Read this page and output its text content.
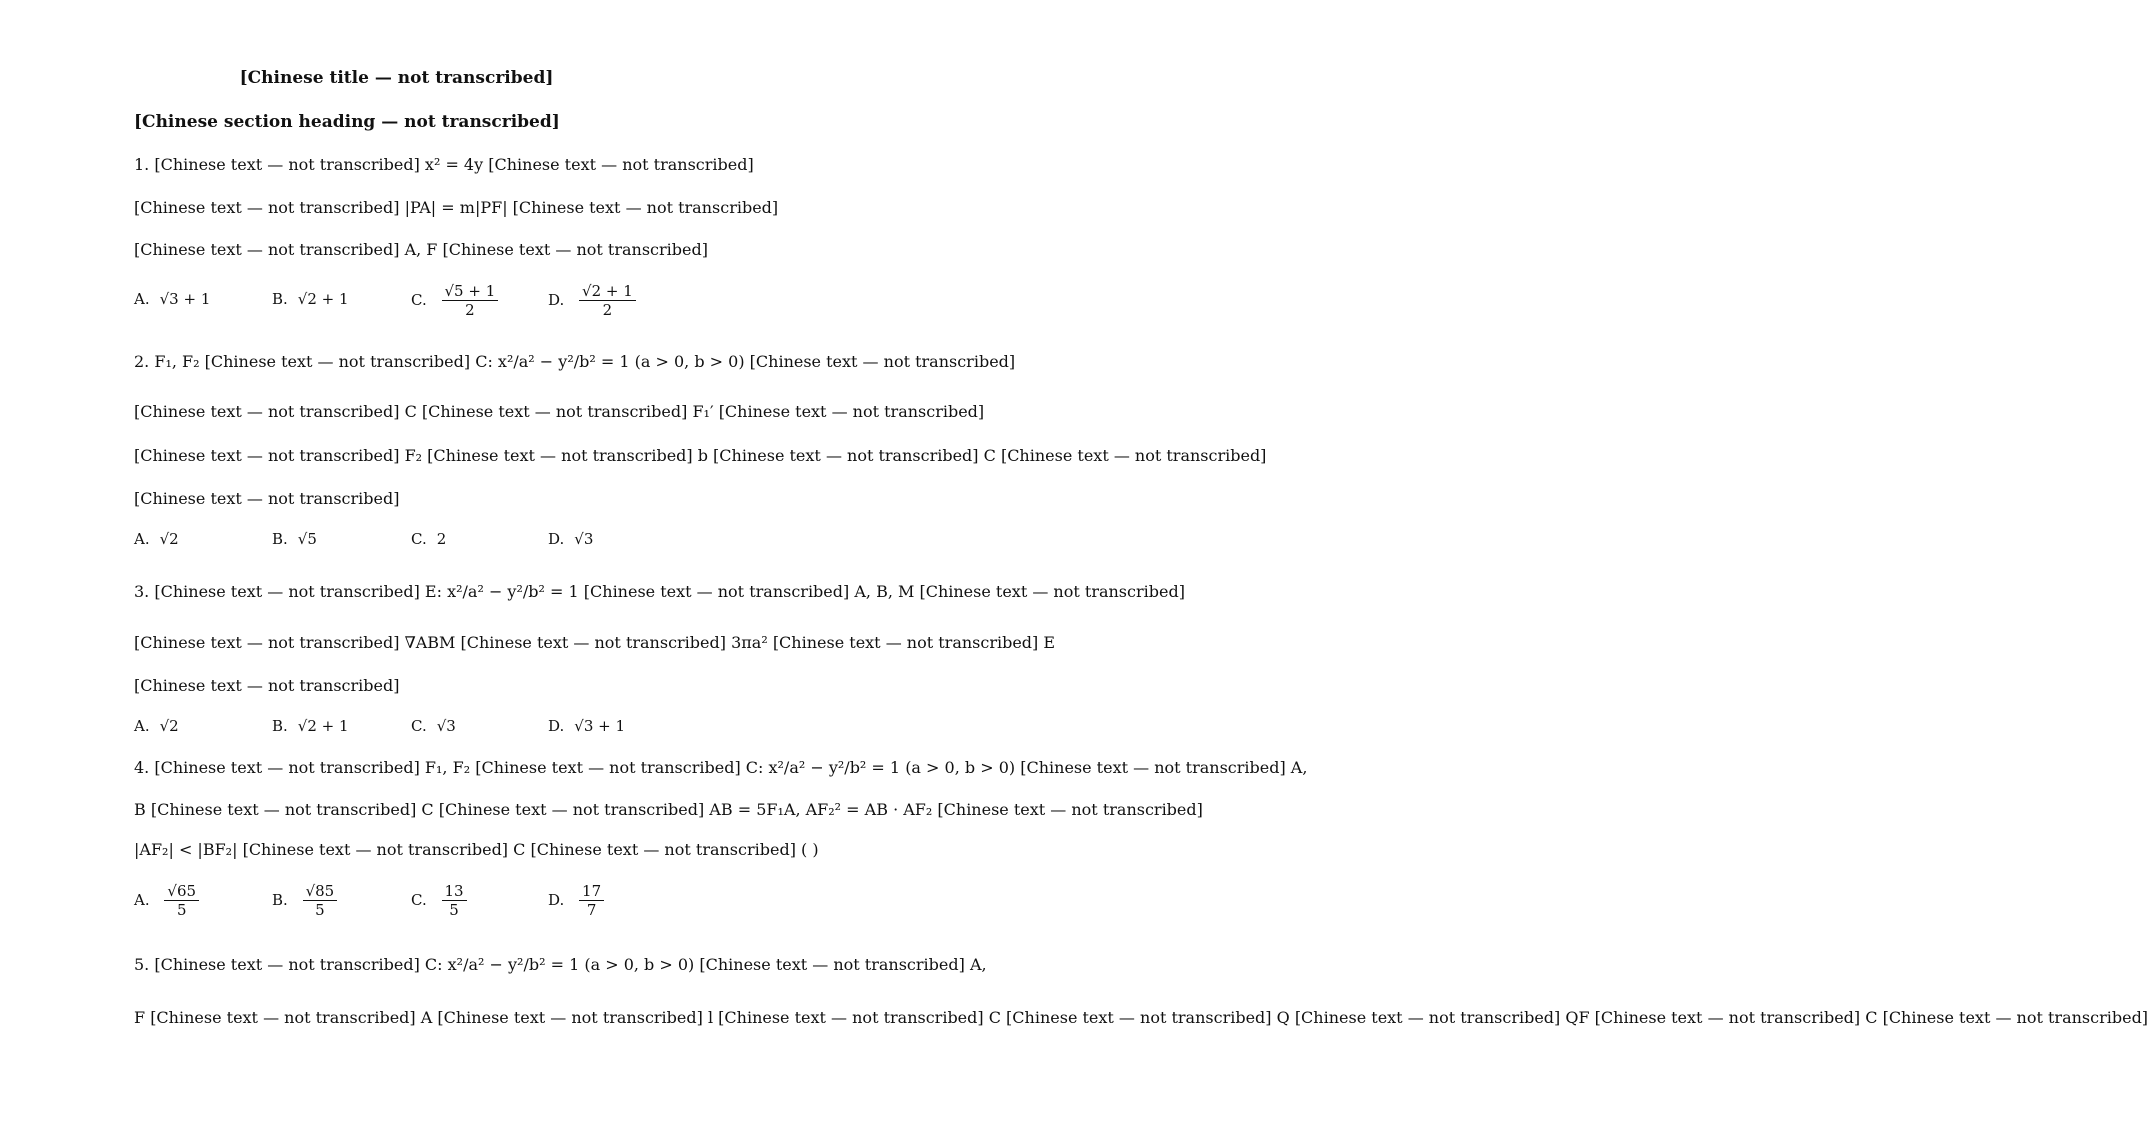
[Chinese title — not transcribed]
[Chinese section heading — not transcribed]
1. [Chinese text — not transcribed] x² = 4y [Chinese text — not transcribed]
[Chinese text — not transcribed] |PA| = m|PF| [Chinese text — not transcribed]
[Chinese text — not transcribed] A, F [Chinese text — not transcribed]
A. √3 + 1	B. √2 + 1	C. $\frac{√5 + 1}{2}$	D. $\frac{√2 + 1}{2}$
2. F₁, F₂ [Chinese text — not transcribed] C: x²/a² − y²/b² = 1 (a > 0, b > 0) [Chinese text — not transcribed]
[Chinese text — not transcribed] C [Chinese text — not transcribed] F₁′ [Chinese text — not transcribed]
[Chinese text — not transcribed] F₂ [Chinese text — not transcribed] b [Chinese text — not transcribed] C [Chinese text — not transcribed]
[Chinese text — not transcribed]
A. √2	B. √5	C. 2	D. √3
3. [Chinese text — not transcribed] E: x²/a² − y²/b² = 1 [Chinese text — not transcribed] A, B, M [Chinese text — not transcribed]
[Chinese text — not transcribed] ∇ABM [Chinese text — not transcribed] 3πa² [Chinese text — not transcribed] E
[Chinese text — not transcribed]
A. √2	B. √2 + 1	C. √3	D. √3 + 1
4. [Chinese text — not transcribed] F₁, F₂ [Chinese text — not transcribed] C: x²/a² − y²/b² = 1 (a > 0, b > 0) [Chinese text — not transcribed] A,
B [Chinese text — not transcribed] C [Chinese text — not transcribed] AB = 5F₁A, AF₂² = AB · AF₂ [Chinese text — not transcribed]
|AF₂| < |BF₂| [Chinese text — not transcribed] C [Chinese text — not transcribed] ( )
A. $\frac{√65}{5}$	B. $\frac{√85}{5}$	C. $\frac{13}{5}$	D. $\frac{17}{7}$
5. [Chinese text — not transcribed] C: x²/a² − y²/b² = 1 (a > 0, b > 0) [Chinese text — not transcribed] A,
F [Chinese text — not transcribed] A [Chinese text — not transcribed] l [Chinese text — not transcribed] C [Chinese text — not transcribed] Q [Chinese text — not transcribed] QF [Chinese text — not transcribed] C [Chinese text — not transcribed]
